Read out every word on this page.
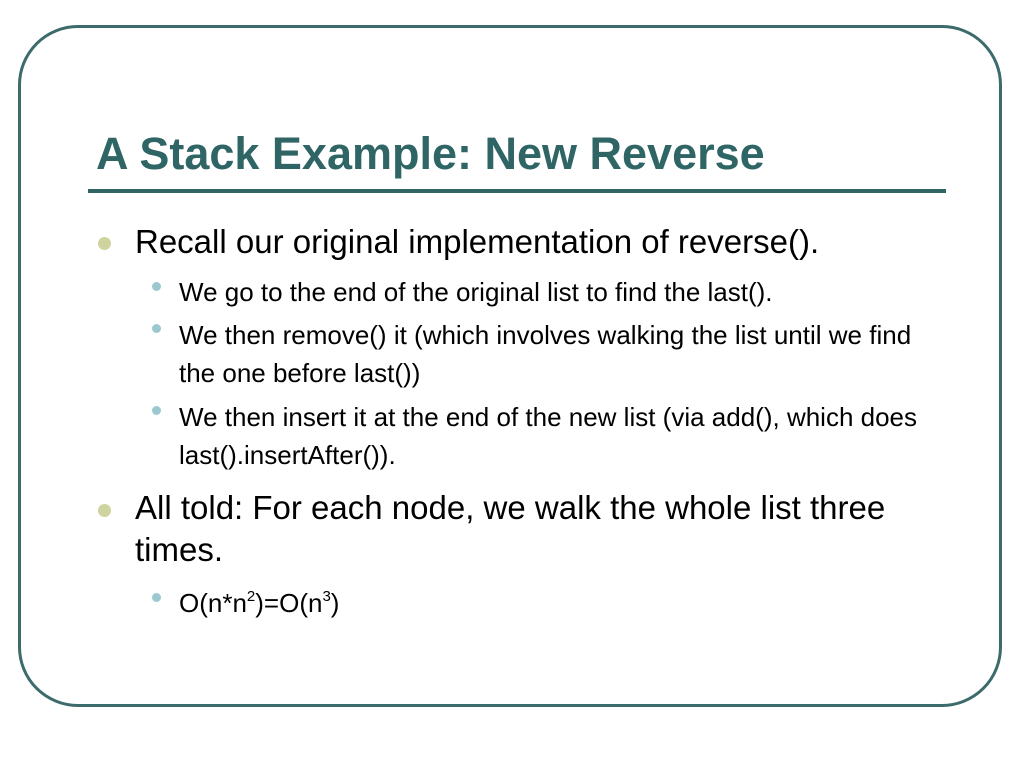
A Stack Example: New Reverse
Recall our original implementation of reverse().
We go to the end of the original list to find the last().
We then remove() it (which involves walking the list until we find the one before last())
We then insert it at the end of the new list (via add(), which does last().insertAfter()).
All told: For each node, we walk the whole list three times.
$O(n*n^2)=O(n^3)$
